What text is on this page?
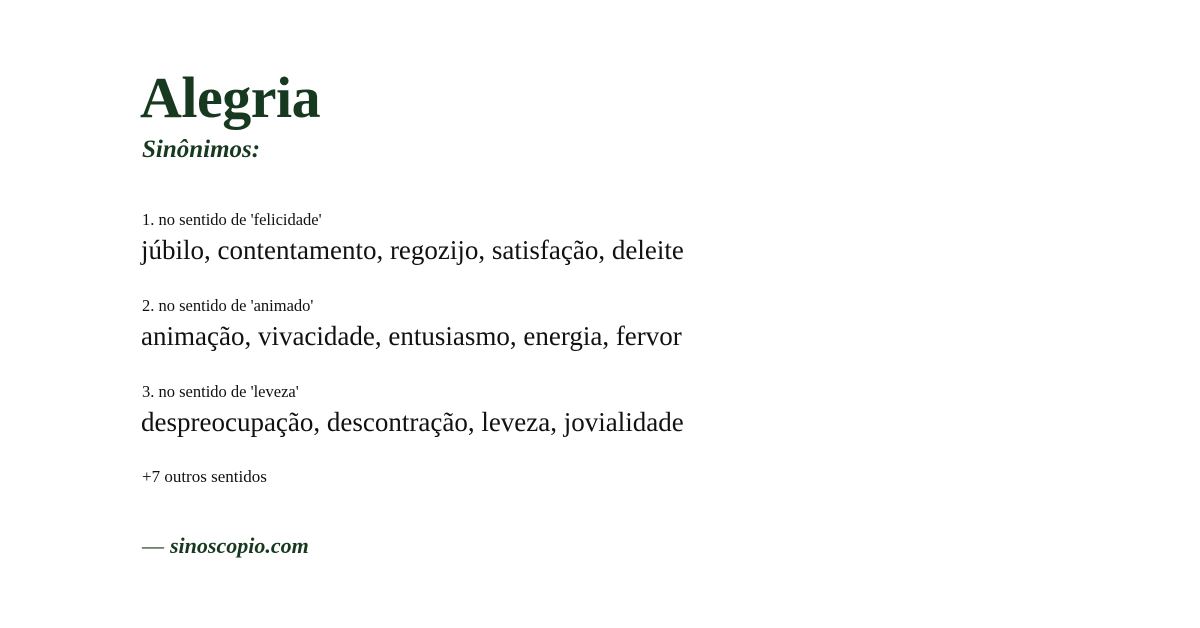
Alegria
Sinônimos:
1. no sentido de 'felicidade'
júbilo, contentamento, regozijo, satisfação, deleite
2. no sentido de 'animado'
animação, vivacidade, entusiasmo, energia, fervor
3. no sentido de 'leveza'
despreocupação, descontração, leveza, jovialidade
+7 outros sentidos
— sinoscopio.com
